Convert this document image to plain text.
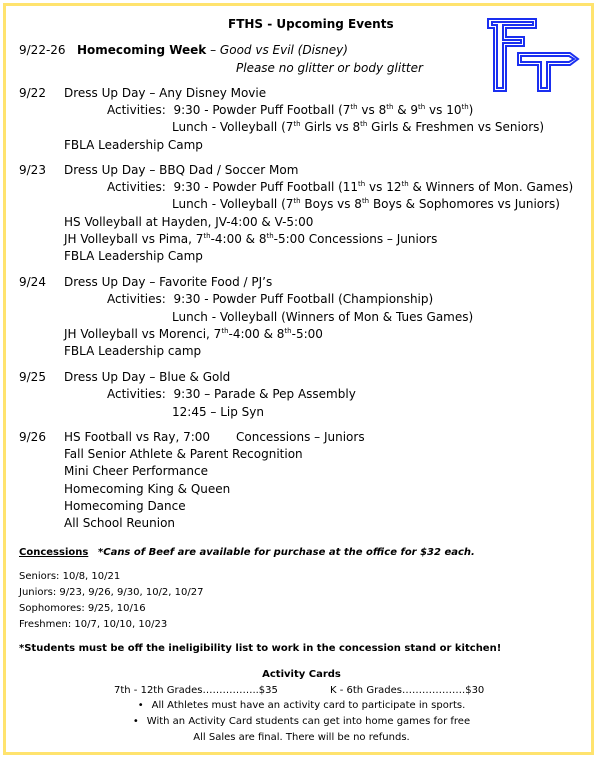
FTHS - Upcoming Events
9/22-26 Homecoming Week – Good vs Evil (Disney)
Please no glitter or body glitter
9/22 Dress Up Day – Any Disney Movie
Activities: 9:30 - Powder Puff Football (7th vs 8th & 9th vs 10th)
Lunch - Volleyball (7th Girls vs 8th Girls & Freshmen vs Seniors)
FBLA Leadership Camp
9/23 Dress Up Day – BBQ Dad / Soccer Mom
Activities: 9:30 - Powder Puff Football (11th vs 12th & Winners of Mon. Games)
Lunch - Volleyball (7th Boys vs 8th Boys & Sophomores vs Juniors)
HS Volleyball at Hayden, JV-4:00 & V-5:00
JH Volleyball vs Pima, 7th-4:00 & 8th-5:00 Concessions – Juniors
FBLA Leadership Camp
9/24 Dress Up Day – Favorite Food / PJ’s
Activities: 9:30 - Powder Puff Football (Championship)
Lunch - Volleyball (Winners of Mon & Tues Games)
JH Volleyball vs Morenci, 7th-4:00 & 8th-5:00
FBLA Leadership camp
9/25 Dress Up Day – Blue & Gold
Activities: 9:30 – Parade & Pep Assembly
12:45 – Lip Syn
9/26 HS Football vs Ray, 7:00 Concessions – Juniors
Fall Senior Athlete & Parent Recognition
Mini Cheer Performance
Homecoming King & Queen
Homecoming Dance
All School Reunion
Concessions *Cans of Beef are available for purchase at the office for $32 each.
Seniors: 10/8, 10/21
Juniors: 9/23, 9/26, 9/30, 10/2, 10/27
Sophomores: 9/25, 10/16
Freshmen: 10/7, 10/10, 10/23
*Students must be off the ineligibility list to work in the concession stand or kitchen!
Activity Cards
7th - 12th Grades……………..$35	K - 6th Grades……………….$30
• All Athletes must have an activity card to participate in sports.
• With an Activity Card students can get into home games for free
All Sales are final. There will be no refunds.
